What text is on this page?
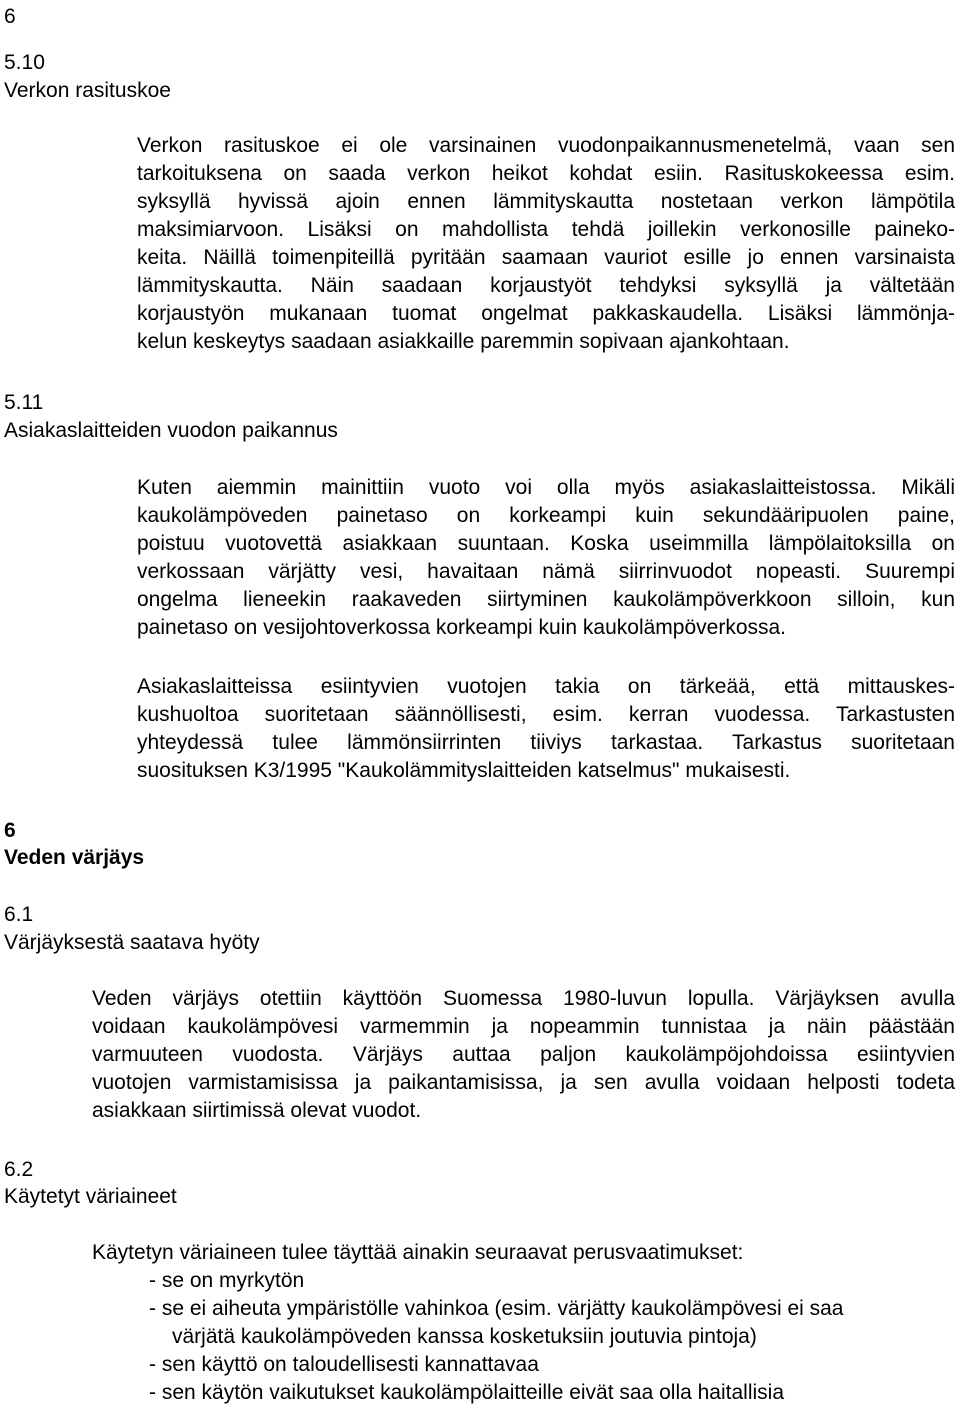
6
5.10
Verkon rasituskoe
Verkon rasituskoe ei ole varsinainen vuodonpaikannusmenetelmä, vaan sen
tarkoituksena on saada verkon heikot kohdat esiin. Rasituskokeessa esim.
syksyllä hyvissä ajoin ennen lämmityskautta nostetaan verkon lämpötila
maksimiarvoon. Lisäksi on mahdollista tehdä joillekin verkonosille paineko-
keita. Näillä toimenpiteillä pyritään saamaan vauriot esille jo ennen varsinaista
lämmityskautta. Näin saadaan korjaustyöt tehdyksi syksyllä ja vältetään
korjaustyön mukanaan tuomat ongelmat pakkaskaudella. Lisäksi lämmönja-
kelun keskeytys saadaan asiakkaille paremmin sopivaan ajankohtaan.
5.11
Asiakaslaitteiden vuodon paikannus
Kuten aiemmin mainittiin vuoto voi olla myös asiakaslaitteistossa. Mikäli
kaukolämpöveden painetaso on korkeampi kuin sekundääripuolen paine,
poistuu vuotovettä asiakkaan suuntaan. Koska useimmilla lämpölaitoksilla on
verkossaan värjätty vesi, havaitaan nämä siirrinvuodot nopeasti. Suurempi
ongelma lieneekin raakaveden siirtyminen kaukolämpöverkkoon silloin, kun
painetaso on vesijohtoverkossa korkeampi kuin kaukolämpöverkossa.
Asiakaslaitteissa esiintyvien vuotojen takia on tärkeää, että mittauskes-
kushuoltoa suoritetaan säännöllisesti, esim. kerran vuodessa. Tarkastusten
yhteydessä tulee lämmönsiirrinten tiiviys tarkastaa. Tarkastus suoritetaan
suosituksen K3/1995 "Kaukolämmityslaitteiden katselmus" mukaisesti.
6
Veden värjäys
6.1
Värjäyksestä saatava hyöty
Veden värjäys otettiin käyttöön Suomessa 1980-luvun lopulla. Värjäyksen avulla
voidaan kaukolämpövesi varmemmin ja nopeammin tunnistaa ja näin päästään
varmuuteen vuodosta. Värjäys auttaa paljon kaukolämpöjohdoissa esiintyvien
vuotojen varmistamisissa ja paikantamisissa, ja sen avulla voidaan helposti todeta
asiakkaan siirtimissä olevat vuodot.
6.2
Käytetyt väriaineet
Käytetyn väriaineen tulee täyttää ainakin seuraavat perusvaatimukset:
- se on myrkytön
- se ei aiheuta ympäristölle vahinkoa (esim. värjätty kaukolämpövesi ei saa
värjätä kaukolämpöveden kanssa kosketuksiin joutuvia pintoja)
- sen käyttö on taloudellisesti kannattavaa
- sen käytön vaikutukset kaukolämpölaitteille eivät saa olla haitallisia
